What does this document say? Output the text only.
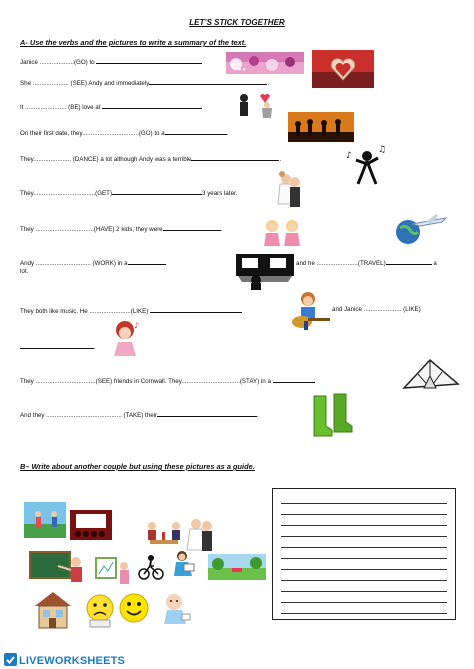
LET’S STICK TOGETHER
A- Use the verbs and the pictures to write a summary of the text.
Janice ....................(GO) to
She ..................... (SEE) Andy and immediately	.
It ........................ (BE) love at
On their first date, they.................................(GO) to a	.
They...................... (DANCE) a lot although Andy was a terrible	.
They....................................(GET)	3 years later.
They ..................................(HAVE) 2 kids, they were	.
Andy ................................ (WORK) in a	and he ........................(TRAVEL)	a
lot.
They both like music. He ........................(LIKE)	and Janice ...................... (LIKE)
.
They ...................................(SEE) friends in Cornwall. They..................................(STAY) in a
And they ............................................ (TAKE) their	.
♥ ♥ ♥
♪
♫
♪
B– Write about another couple but using these pictures as a guide.
LIVEWORKSHEETS
